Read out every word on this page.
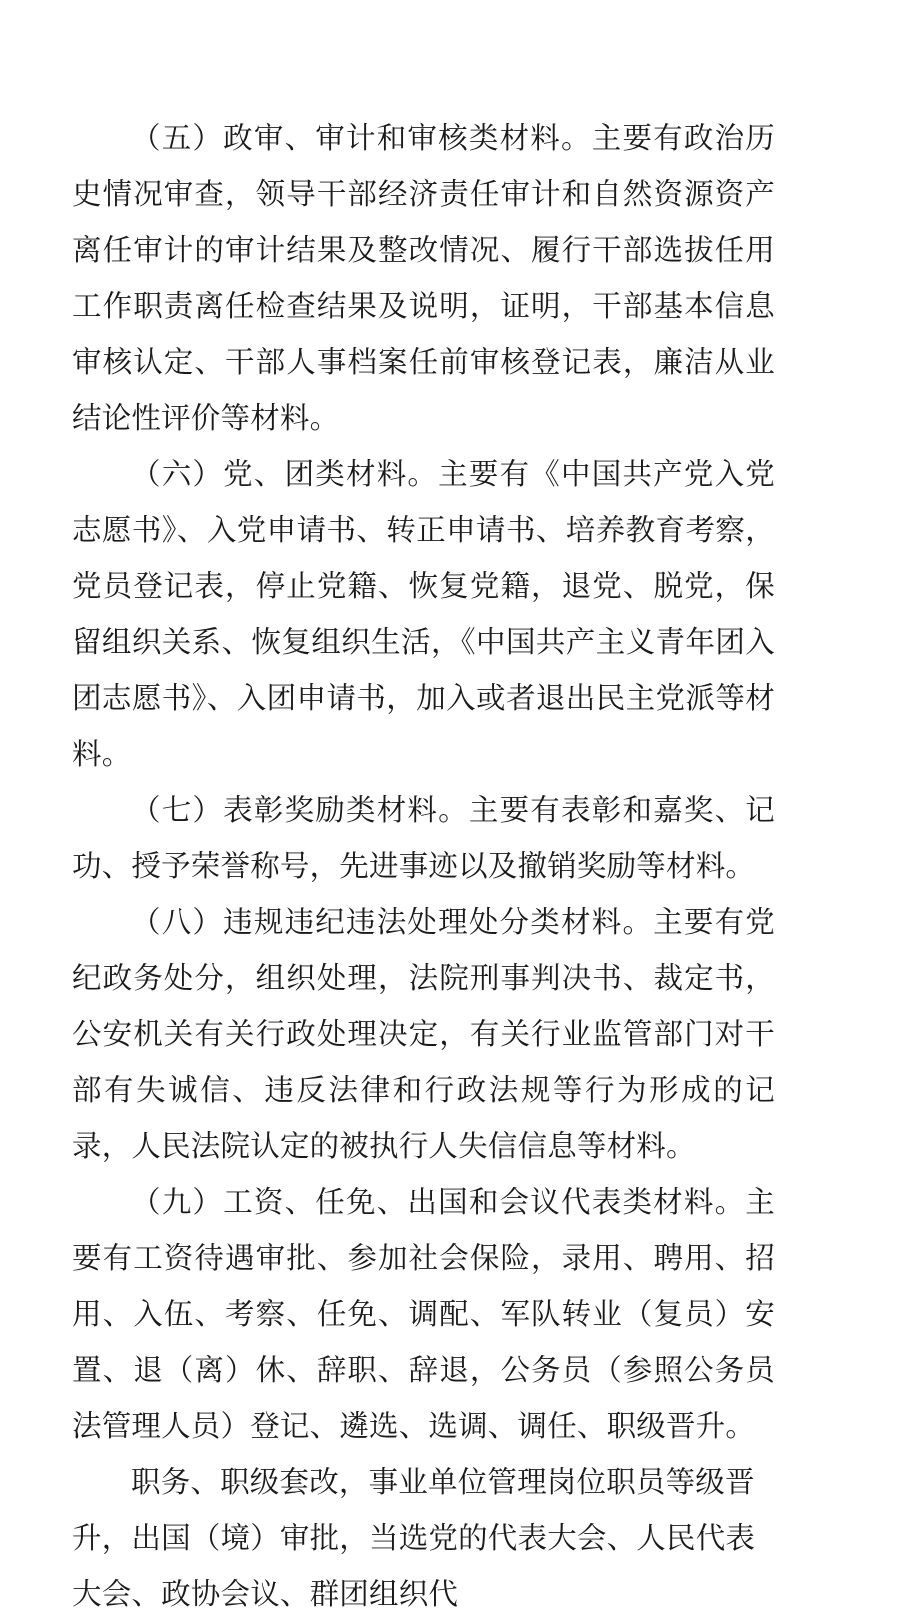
（五）政审、审计和审核类材料。主要有政治历史情况审查，领导干部经济责任审计和自然资源资产离任审计的审计结果及整改情况、履行干部选拔任用工作职责离任检查结果及说明，证明，干部基本信息审核认定、干部人事档案任前审核登记表，廉洁从业结论性评价等材料。

（六）党、团类材料。主要有《中国共产党入党志愿书》、入党申请书、转正申请书、培养教育考察，党员登记表，停止党籍、恢复党籍，退党、脱党，保留组织关系、恢复组织生活，《中国共产主义青年团入团志愿书》、入团申请书，加入或者退出民主党派等材料。

（七）表彰奖励类材料。主要有表彰和嘉奖、记功、授予荣誉称号，先进事迹以及撤销奖励等材料。

（八）违规违纪违法处理处分类材料。主要有党纪政务处分，组织处理，法院刑事判决书、裁定书，公安机关有关行政处理决定，有关行业监管部门对干部有失诚信、违反法律和行政法规等行为形成的记录，人民法院认定的被执行人失信信息等材料。

（九）工资、任免、出国和会议代表类材料。主要有工资待遇审批、参加社会保险，录用、聘用、招用、入伍、考察、任免、调配、军队转业（复员）安置、退（离）休、辞职、辞退，公务员（参照公务员法管理人员）登记、遴选、选调、调任、职级晋升。

职务、职级套改，事业单位管理岗位职员等级晋升，出国（境）审批，当选党的代表大会、人民代表大会、政协会议、群团组织代
